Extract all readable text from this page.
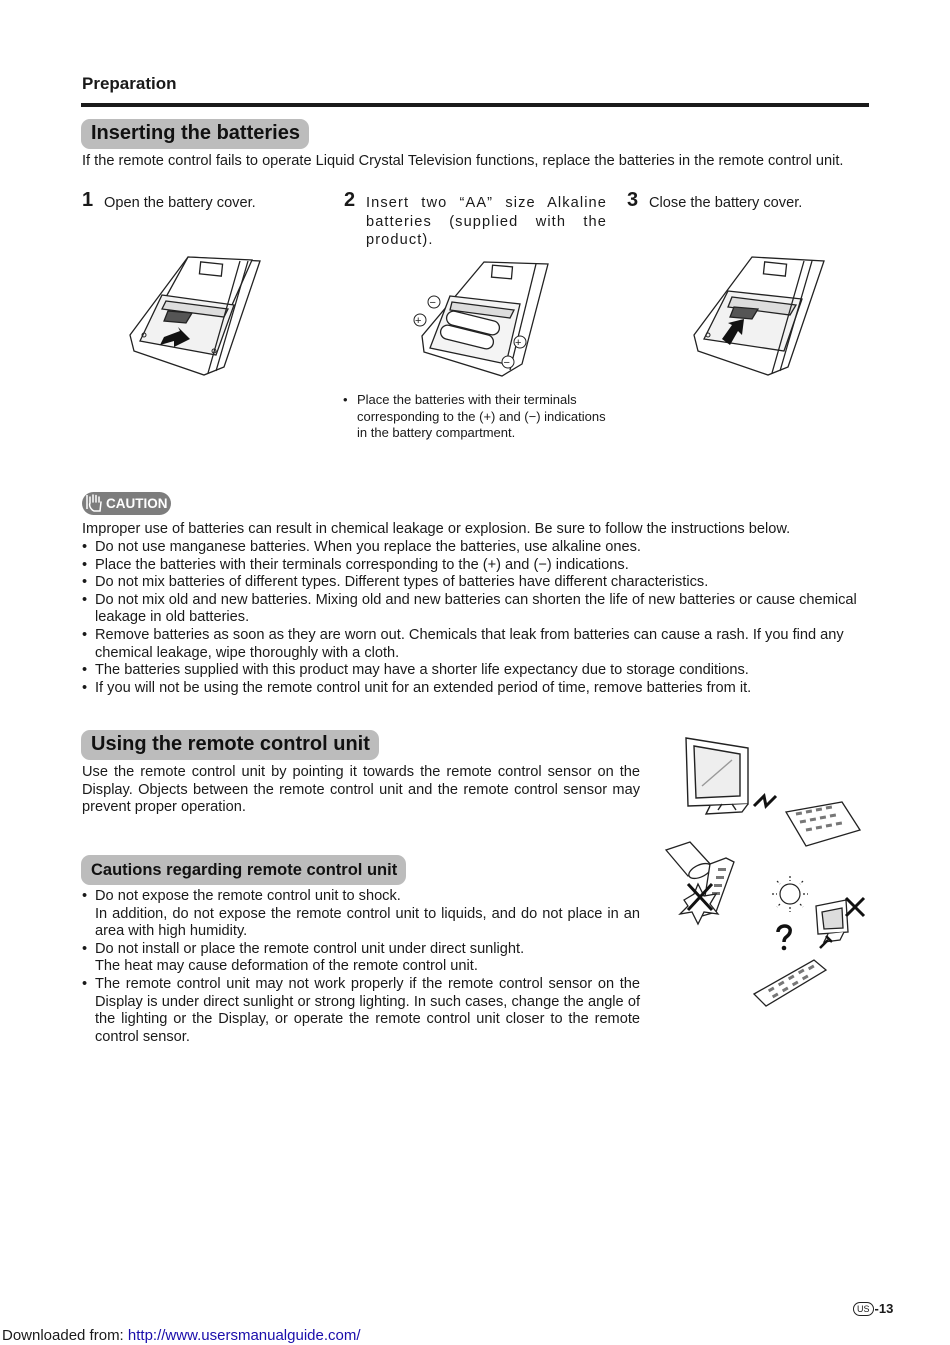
Preparation
Inserting the batteries
If the remote control fails to operate Liquid Crystal Television functions, replace the batteries in the remote control unit.
1 Open the battery cover.	2 Insert two “AA” size Alkaline batteries (supplied with the product).
3 Close the battery cover.
−
+
+
−
• Place the batteries with their terminals corresponding to the (+) and (−) indications in the battery compartment.
CAUTION
Improper use of batteries can result in chemical leakage or explosion. Be sure to follow the instructions below.
• Do not use manganese batteries. When you replace the batteries, use alkaline ones.
• Place the batteries with their terminals corresponding to the (+) and (−) indications.
• Do not mix batteries of different types. Different types of batteries have different characteristics.
• Do not mix old and new batteries. Mixing old and new batteries can shorten the life of new batteries or cause chemical leakage in old batteries.
• Remove batteries as soon as they are worn out. Chemicals that leak from batteries can cause a rash. If you find any chemical leakage, wipe thoroughly with a cloth.
• The batteries supplied with this product may have a shorter life expectancy due to storage conditions.
• If you will not be using the remote control unit for an extended period of time, remove batteries from it.
Using the remote control unit
Use the remote control unit by pointing it towards the remote control sensor on the Display. Objects between the remote control unit and the remote control sensor may prevent proper operation.
Cautions regarding remote control unit
• Do not expose the remote control unit to shock.
In addition, do not expose the remote control unit to liquids, and do not place in an area with high humidity.
• Do not install or place the remote control unit under direct sunlight.
The heat may cause deformation of the remote control unit.
• The remote control unit may not work properly if the remote control sensor on the Display is under direct sunlight or strong lighting. In such cases, change the angle of the lighting or the Display, or operate the remote control unit closer to the remote control sensor.
US -13
Downloaded from: http://www.usersmanualguide.com/
